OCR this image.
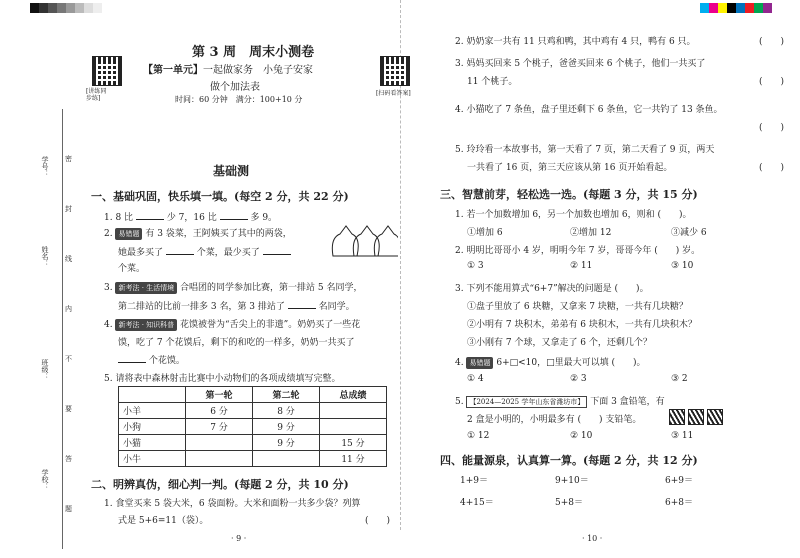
学号：
姓名：
班级：
学校：
密
封
线
内
不
要
答
题
[讲练同
步练]
[扫码看答案]
第 3 周　周末小测卷
【第一单元】一起做家务　小兔子安家
做个加法表
时间：60 分钟　满分：100+10 分
基础测
一、基础巩固，快乐填一填。(每空 2 分，共 22 分)
1. 8 比	少 7，16 比	多 9。
2. 易错题 有 3 袋菜，王阿姨买了其中的两袋，
她最多买了	个菜，最少买了
个菜。
3. 新考法 · 生活情境 合唱团的同学参加比赛，第一排站 5 名同学，
第二排站的比前一排多 3 名，第 3 排站了	名同学。
4. 新考法 · 知识科普 花馍被誉为“舌尖上的非遗”。奶奶买了一些花
馍，吃了 7 个花馍后，剩下的和吃的一样多，奶奶一共买了
个花馍。
5. 请将表中森林射击比赛中小动物们的各项成绩填写完整。
	第一轮	第二轮	总成绩
小羊	6 分	8 分	
小狗	7 分	9 分	
小猫		9 分	15 分
小牛			11 分
二、明辨真伪，细心判一判。(每题 2 分，共 10 分)
1. 食堂买来 5 袋大米，6 袋面粉。大米和面粉一共多少袋？列算
式是 5+6=11（袋）。	(　　)
· 9 ·
2. 奶奶家一共有 11 只鸡和鸭，其中鸡有 4 只，鸭有 6 只。	(　　)
3. 妈妈买回来 5 个桃子，爸爸买回来 6 个桃子，他们一共买了
11 个桃子。	(　　)
4. 小猫吃了 7 条鱼，盘子里还剩下 6 条鱼，它一共钓了 13 条鱼。
(　　)
5. 玲玲看一本故事书，第一天看了 7 页，第二天看了 9 页，两天
一共看了 16 页，第三天应该从第 16 页开始看起。	(　　)
三、智慧前芽，轻松选一选。(每题 3 分，共 15 分)
1. 若一个加数增加 6，另一个加数也增加 6，则和 (　　)。
①增加 6	②增加 12	③减少 6
2. 明明比哥哥小 4 岁，明明今年 7 岁，哥哥今年 (　　) 岁。
① 3	② 11	③ 10
3. 下列不能用算式“6+7”解决的问题是 (　　)。
①盘子里放了 6 块糖，又拿来 7 块糖，一共有几块糖？
②小明有 7 块积木，弟弟有 6 块积木，一共有几块积木？
③小刚有 7 个球，又拿走了 6 个，还剩几个？
4. 易错题 6+□<10，□里最大可以填 (　　)。
① 4	② 3	③ 2
5. 【2024—2025 学年山东省潍坊市】 下面 3 盒铅笔，有
2 盒是小明的，小明最多有 (　　) 支铅笔。
① 12	② 10	③ 11
四、能量源泉，认真算一算。(每题 2 分，共 12 分)
1+9＝	9+10＝	6+9＝
4+15＝	5+8＝	6+8＝
· 10 ·
